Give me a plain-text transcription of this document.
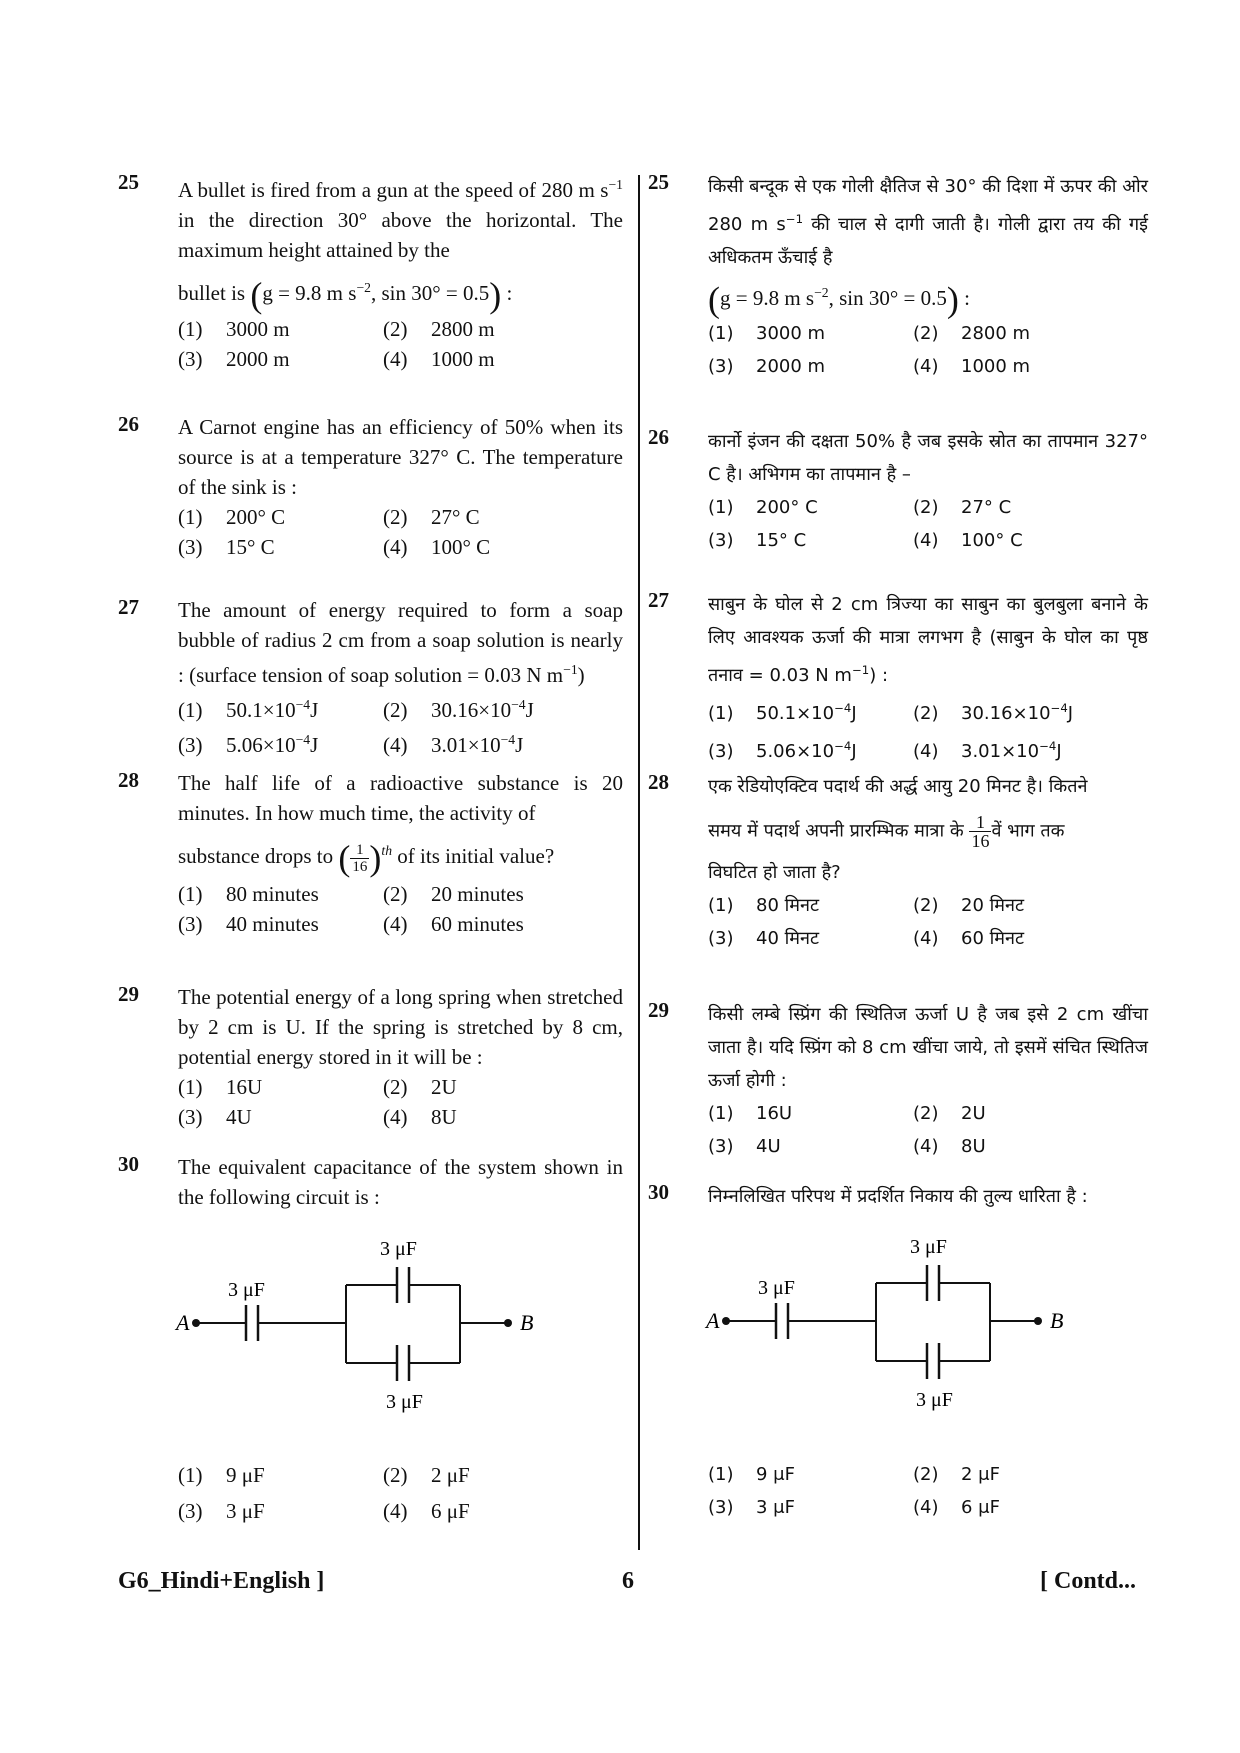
25 A bullet is fired from a gun at the speed of 280 m $s^{-1}$ in the direction 30° above the horizontal. The maximum height attained by the
bullet is (g = 9.8 m $s^{-2}$, sin 30° = 0.5) :
(1) 3000 m	(2) 2800 m
(3) 2000 m	(4) 1000 m
26 A Carnot engine has an efficiency of 50% when its source is at a temperature 327° C. The temperature of the sink is :
(1) 200° C	(2) 27° C
(3) 15° C	(4) 100° C
27 The amount of energy required to form a soap bubble of radius 2 cm from a soap solution is nearly : (surface tension of soap solution = 0.03 N $m^{-1}$)
(1) $50.1\times 10^{-4}J$	(2) $30.16\times 10^{-4}J$
(3) $5.06\times 10^{-4}J$	(4) $3.01\times 10^{-4}J$
28 The half life of a radioactive substance is 20 minutes. In how much time, the activity of
substance drops to ( $\frac{1}{16} )^{th}$ of its initial value?
(1) 80 minutes	(2) 20 minutes
(3) 40 minutes	(4) 60 minutes
29 The potential energy of a long spring when stretched by 2 cm is U. If the spring is stretched by 8 cm, potential energy stored in it will be :
(1) 16U	(2) 2U
(3) 4U	(4) 8U
30 The equivalent capacitance of the system shown in the following circuit is :
A
3 μF
3 μF
3 μF
B
(1) 9 μF	(2) 2 μF
(3) 3 μF	(4) 6 μF
25 किसी बन्दूक से एक गोली क्षैतिज से 30° की दिशा में ऊपर की ओर 280 m $s^{-1}$ की चाल से दागी जाती है। गोली द्वारा तय की गई अधिकतम ऊँचाई है
(g = 9.8 m $s^{-2}$, sin 30° = 0.5) :
(1) 3000 m	(2) 2800 m
(3) 2000 m	(4) 1000 m
26 कार्नो इंजन की दक्षता 50% है जब इसके स्रोत का तापमान 327° C है। अभिगम का तापमान है –
(1) 200° C	(2) 27° C
(3) 15° C	(4) 100° C
27 साबुन के घोल से 2 cm त्रिज्या का साबुन का बुलबुला बनाने के लिए आवश्यक ऊर्जा की मात्रा लगभग है (साबुन के घोल का पृष्ठ तनाव = 0.03 N $m^{-1}$) :
(1) $50.1\times 10^{-4}J$	(2) $30.16\times 10^{-4}J$
(3) $5.06\times 10^{-4}J$	(4) $3.01\times 10^{-4}J$
28 एक रेडियोएक्टिव पदार्थ की अर्द्ध आयु 20 मिनट है। कितने
समय में पदार्थ अपनी प्रारम्भिक मात्रा के $\frac{1}{16}$ वें भाग तक
विघटित हो जाता है?
(1) 80 मिनट	(2) 20 मिनट
(3) 40 मिनट	(4) 60 मिनट
29 किसी लम्बे स्प्रिंग की स्थितिज ऊर्जा U है जब इसे 2 cm खींचा जाता है। यदि स्प्रिंग को 8 cm खींचा जाये, तो इसमें संचित स्थितिज ऊर्जा होगी :
(1) 16U	(2) 2U
(3) 4U	(4) 8U
30 निम्नलिखित परिपथ में प्रदर्शित निकाय की तुल्य धारिता है :
A
3 μF
3 μF
3 μF
B
(1) 9 μF	(2) 2 μF
(3) 3 μF	(4) 6 μF
G6_Hindi+English ]	6	[ Contd...
